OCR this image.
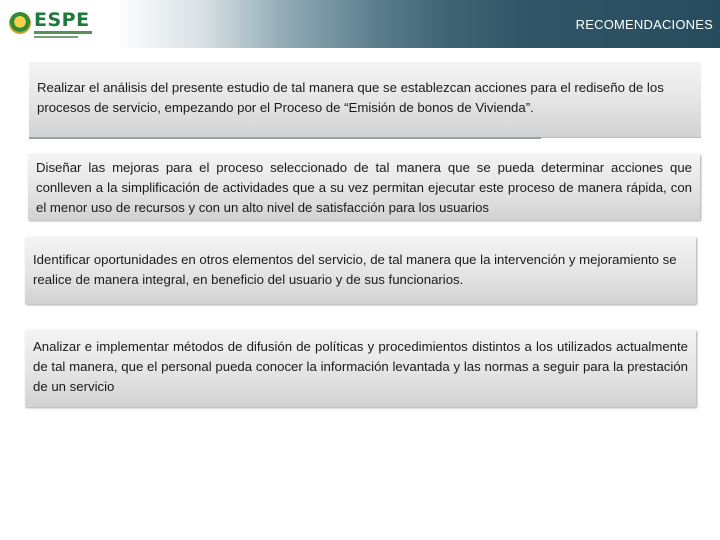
ESPE	RECOMENDACIONES
Realizar el análisis del presente estudio de tal manera que se establezcan acciones para el rediseño de los procesos de servicio, empezando por el Proceso de “Emisión de bonos de Vivienda”.
Diseñar las mejoras para el proceso seleccionado de tal manera que se pueda determinar acciones que conlleven a la simplificación de actividades que a su vez permitan ejecutar este proceso de manera rápida, con el menor uso de recursos y con un alto nivel de satisfacción para los usuarios
Identificar oportunidades en otros elementos del servicio, de tal manera que la intervención y mejoramiento se realice de manera integral, en beneficio del usuario y de sus funcionarios.
Analizar e implementar métodos de difusión de políticas y procedimientos distintos a los utilizados actualmente de tal manera, que el personal pueda conocer la información levantada y las normas a seguir para la prestación de un servicio
